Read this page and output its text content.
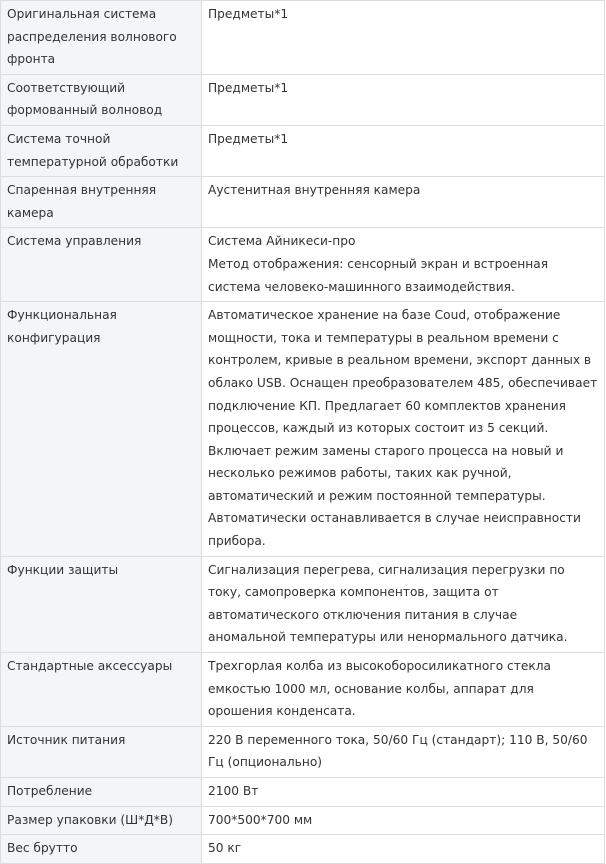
Оригинальная система распределения волнового фронта	Предметы*1

Соответствующий формованный волновод	Предметы*1

Система точной температурной обработки	Предметы*1

Спаренная внутренняя камера	Аустенитная внутренняя камера

Система управления	Система Айникеси-про
Метод отображения: сенсорный экран и встроенная система человеко-машинного взаимодействия.

Функциональная конфигурация	Автоматическое хранение на базе Coud, отображение мощности, тока и температуры в реальном времени с контролем, кривые в реальном времени, экспорт данных в облако USB. Оснащен преобразователем 485, обеспечивает подключение КП. Предлагает 60 комплектов хранения процессов, каждый из которых состоит из 5 секций. Включает режим замены старого процесса на новый и несколько режимов работы, таких как ручной, автоматический и режим постоянной температуры. Автоматически останавливается в случае неисправности прибора.

Функции защиты	Сигнализация перегрева, сигнализация перегрузки по току, самопроверка компонентов, защита от автоматического отключения питания в случае аномальной температуры или ненормального датчика.

Стандартные аксессуары	Трехгорлая колба из высокоборосиликатного стекла емкостью 1000 мл, основание колбы, аппарат для орошения конденсата.

Источник питания	220 В переменного тока, 50/60 Гц (стандарт); 110 В, 50/60 Гц (опционально)

Потребление	2100 Вт

Размер упаковки (Ш*Д*В)	700*500*700 мм

Вес брутто	50 кг
